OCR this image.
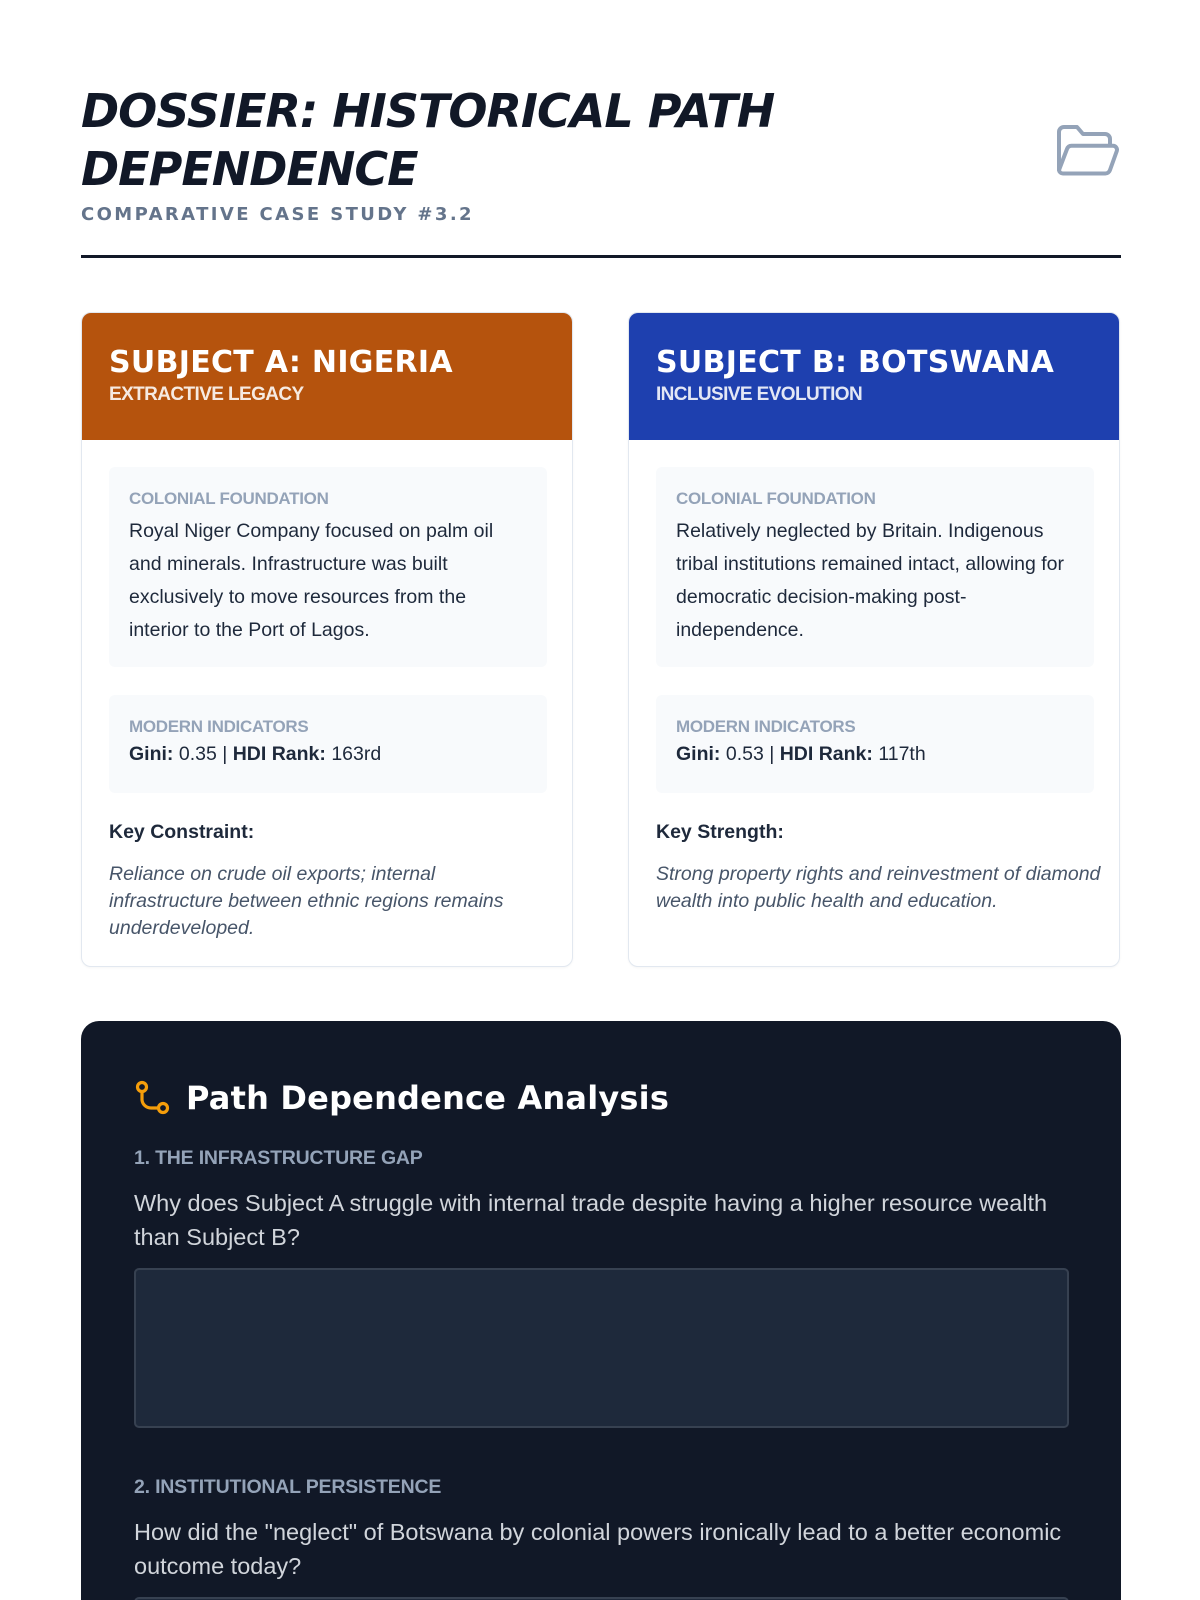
DOSSIER: HISTORICAL PATH DEPENDENCE
COMPARATIVE CASE STUDY #3.2
SUBJECT A: NIGERIA
EXTRACTIVE LEGACY
COLONIAL FOUNDATION
Royal Niger Company focused on palm oil and minerals. Infrastructure was built exclusively to move resources from the interior to the Port of Lagos.
MODERN INDICATORS
Gini: 0.35 | HDI Rank: 163rd
Key Constraint:
Reliance on crude oil exports; internal infrastructure between ethnic regions remains underdeveloped.
SUBJECT B: BOTSWANA
INCLUSIVE EVOLUTION
COLONIAL FOUNDATION
Relatively neglected by Britain. Indigenous tribal institutions remained intact, allowing for democratic decision-making post-independence.
MODERN INDICATORS
Gini: 0.53 | HDI Rank: 117th
Key Strength:
Strong property rights and reinvestment of diamond wealth into public health and education.
Path Dependence Analysis
1. THE INFRASTRUCTURE GAP
Why does Subject A struggle with internal trade despite having a higher resource wealth than Subject B?
2. INSTITUTIONAL PERSISTENCE
How did the "neglect" of Botswana by colonial powers ironically lead to a better economic outcome today?
